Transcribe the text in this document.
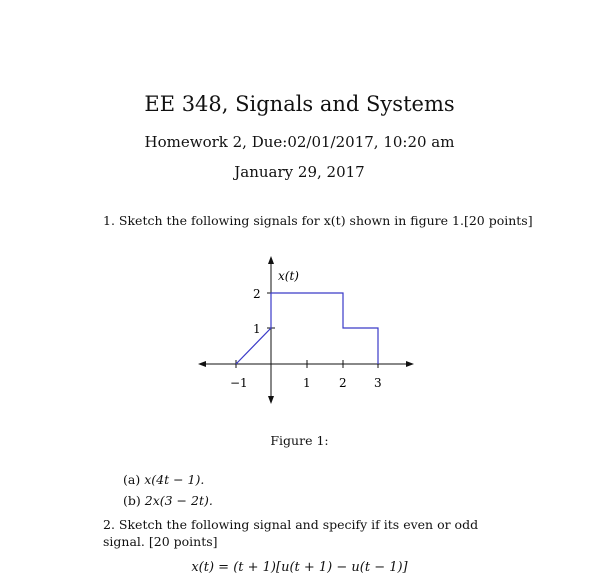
EE 348, Signals and Systems
Homework 2, Due:02/01/2017, 10:20 am
January 29, 2017
1. Sketch the following signals for x(t) shown in figure 1.[20 points]
x(t)
−1	1 2 3
1
2
Figure 1:
(a) x(4t − 1).
(b) 2x(3 − 2t).
2. Sketch the following signal and specify if its even or odd signal. [20 points]
x(t) = (t + 1)[u(t + 1) − u(t − 1)]
